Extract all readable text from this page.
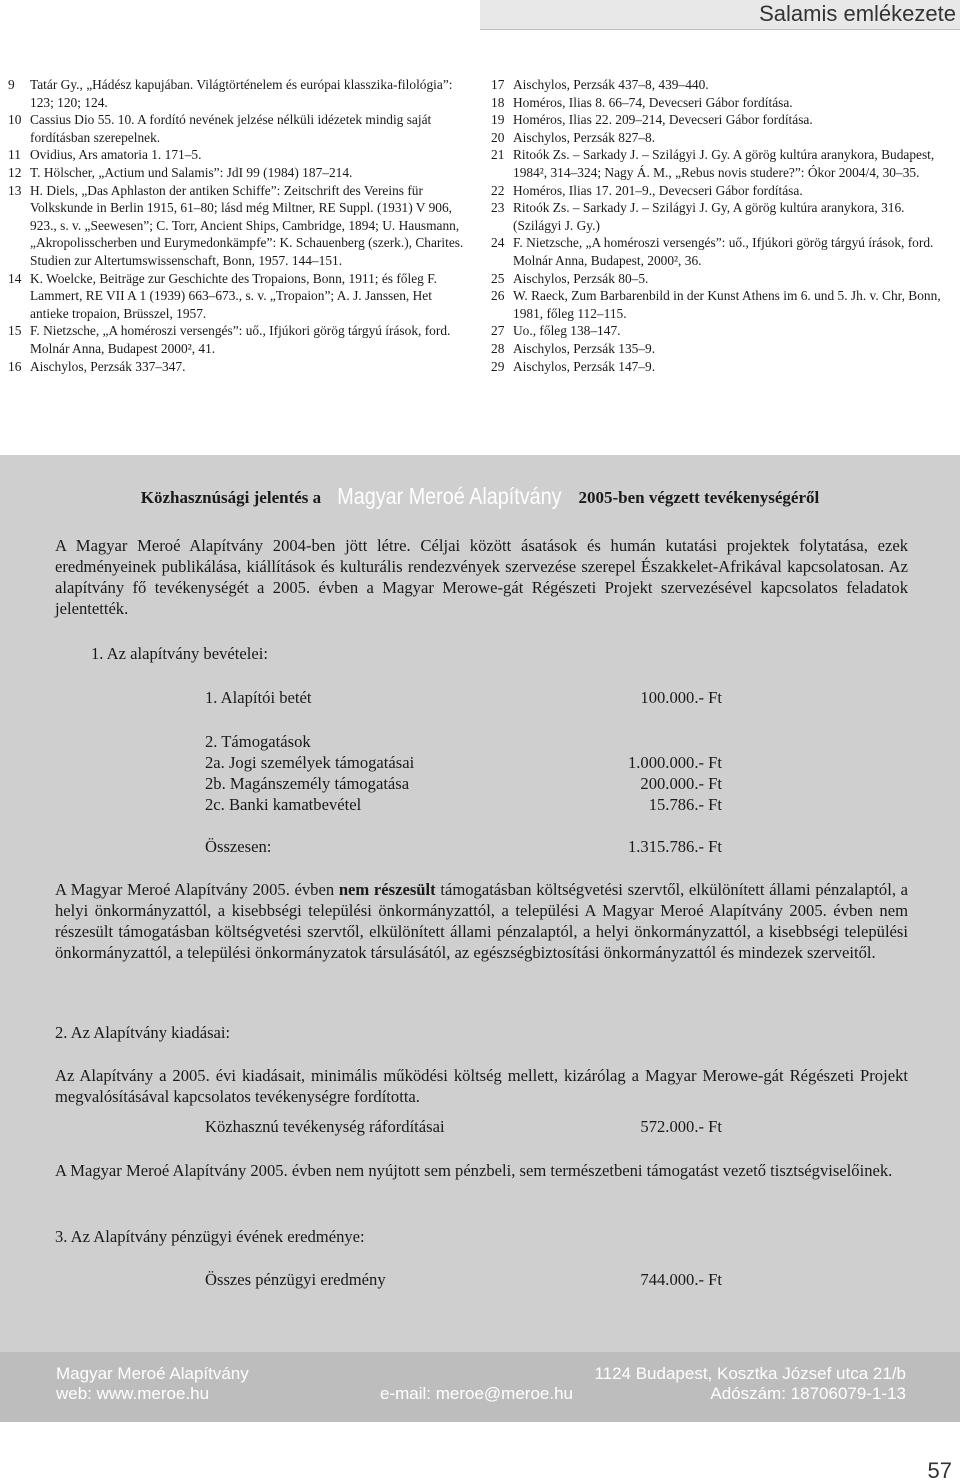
Salamis emlékezete
9 Tatár Gy., „Hádész kapujában. Világtörténelem és európai klasszika-filológia”: 123; 120; 124.
10 Cassius Dio 55. 10. A fordító nevének jelzése nélküli idézetek mindig saját fordításban szerepelnek.
11 Ovidius, Ars amatoria 1. 171–5.
12 T. Hölscher, „Actium und Salamis”: JdI 99 (1984) 187–214.
13 H. Diels, „Das Aphlaston der antiken Schiffe”: Zeitschrift des Vereins für Volkskunde in Berlin 1915, 61–80; lásd még Miltner, RE Suppl. (1931) V 906, 923., s. v. „Seewesen”; C. Torr, Ancient Ships, Cambridge, 1894; U. Hausmann, „Akropolisscherben und Eurymedonkämpfe”: K. Schauenberg (szerk.), Charites. Studien zur Altertumswissenschaft, Bonn, 1957. 144–151.
14 K. Woelcke, Beiträge zur Geschichte des Tropaions, Bonn, 1911; és főleg F. Lammert, RE VII A 1 (1939) 663–673., s. v. „Tropaion”; A. J. Janssen, Het antieke tropaion, Brüsszel, 1957.
15 F. Nietzsche, „A homéroszi versengés”: uő., Ifjúkori görög tárgyú írások, ford. Molnár Anna, Budapest 2000², 41.
16 Aischylos, Perzsák 337–347.
17 Aischylos, Perzsák 437–8, 439–440.
18 Homéros, Ilias 8. 66–74, Devecseri Gábor fordítása.
19 Homéros, Ilias 22. 209–214, Devecseri Gábor fordítása.
20 Aischylos, Perzsák 827–8.
21 Ritoók Zs. – Sarkady J. – Szilágyi J. Gy. A görög kultúra aranykora, Budapest, 1984², 314–324; Nagy Á. M., „Rebus novis studere?”: Ókor 2004/4, 30–35.
22 Homéros, Ilias 17. 201–9., Devecseri Gábor fordítása.
23 Ritoók Zs. – Sarkady J. – Szilágyi J. Gy, A görög kultúra aranykora, 316. (Szilágyi J. Gy.)
24 F. Nietzsche, „A homéroszi versengés”: uő., Ifjúkori görög tárgyú írások, ford. Molnár Anna, Budapest, 2000², 36.
25 Aischylos, Perzsák 80–5.
26 W. Raeck, Zum Barbarenbild in der Kunst Athens im 6. und 5. Jh. v. Chr, Bonn, 1981, főleg 112–115.
27 Uo., főleg 138–147.
28 Aischylos, Perzsák 135–9.
29 Aischylos, Perzsák 147–9.
Közhasznúsági jelentés a Magyar Meroé Alapítvány 2005-ben végzett tevékenységéről
A Magyar Meroé Alapítvány 2004-ben jött létre. Céljai között ásatások és humán kutatási projektek folytatása, ezek eredményeinek publikálása, kiállítások és kulturális rendezvények szervezése szerepel Északkelet-Afrikával kapcsolatosan. Az alapítvány fő tevékenységét a 2005. évben a Magyar Merowe-gát Régészeti Projekt szervezésével kapcsolatos feladatok jelentették.
1. Az alapítvány bevételei:
1. Alapítói betét	100.000.- Ft
2. Támogatások
2a. Jogi személyek támogatásai	1.000.000.- Ft
2b. Magánszemély támogatása	200.000.- Ft
2c. Banki kamatbevétel	15.786.- Ft
Összesen:	1.315.786.- Ft
A Magyar Meroé Alapítvány 2005. évben nem részesült támogatásban költségvetési szervtől, elkülönített állami pénzalaptól, a helyi önkormányzattól, a kisebbségi települési önkormányzattól, a települési A Magyar Meroé Alapítvány 2005. évben nem részesült támogatásban költségvetési szervtől, elkülönített állami pénzalaptól, a helyi önkormányzattól, a kisebbségi települési önkormányzattól, a települési önkormányzatok társulásától, az egészségbiztosítási önkormányzattól és mindezek szerveitől.
2. Az Alapítvány kiadásai:
Az Alapítvány a 2005. évi kiadásait, minimális működési költség mellett, kizárólag a Magyar Merowe-gát Régészeti Projekt megvalósításával kapcsolatos tevékenységre fordította.
Közhasznú tevékenység ráfordításai	572.000.- Ft
A Magyar Meroé Alapítvány 2005. évben nem nyújtott sem pénzbeli, sem természetbeni támogatást vezető tisztségviselőinek.
3. Az Alapítvány pénzügyi évének eredménye:
Összes pénzügyi eredmény	744.000.- Ft
Magyar Meroé Alapítvány
web: www.meroe.hu	e-mail: meroe@meroe.hu
1124 Budapest, Kosztka József utca 21/b
Adószám: 18706079-1-13
57
